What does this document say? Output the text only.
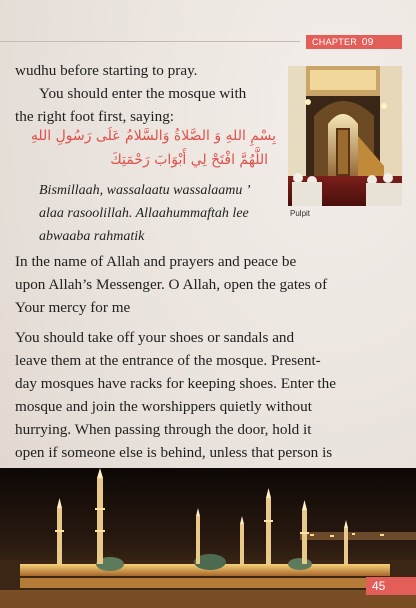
CHAPTER 09
Pulpit
wudhu before starting to pray.
You should enter the mosque with
the right foot first, saying:
بِسْمِ اللهِ وَ الصَّلاةُ وَالسَّلامُ عَلَى رَسُولِ اللهِ
اللَّهُمَّ افْتَحْ لِي أَبْوَابَ رَحْمَتِكَ
Bismillaah, wassalaatu wassalaamu ’
alaa rasoolillah. Allaahummaftah lee
abwaaba rahmatik
In the name of Allah and prayers and peace be
upon Allah’s Messenger. O Allah, open the gates of
Your mercy for me
You should take off your shoes or sandals and
leave them at the entrance of the mosque. Present-
day mosques have racks for keeping shoes. Enter the
mosque and join the worshippers quietly without
hurrying. When passing through the door, hold it
open if someone else is behind, unless that person is
45
